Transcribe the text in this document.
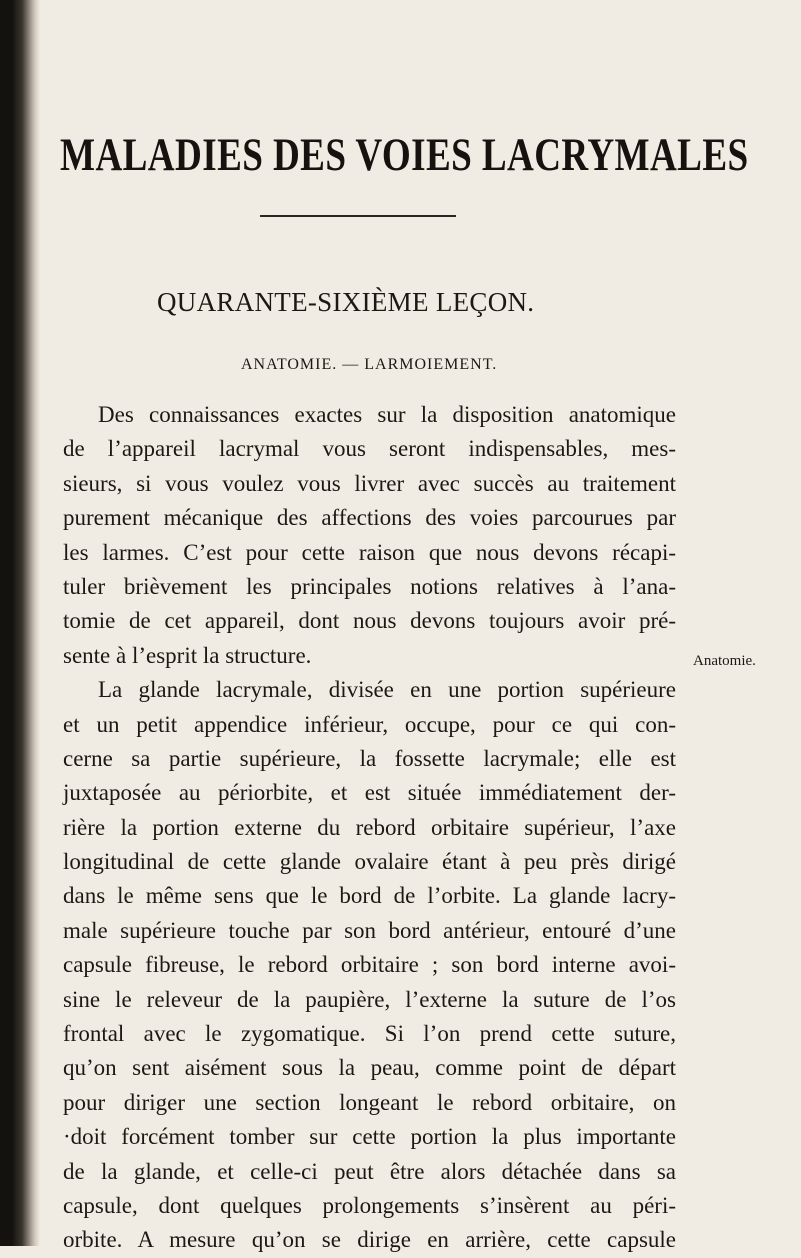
MALADIES DES VOIES LACRYMALES
QUARANTE-SIXIÈME LEÇON.
ANATOMIE. — LARMOIEMENT.
Anatomie.
Des connaissances exactes sur la disposition anatomique
de l’appareil lacrymal vous seront indispensables, mes-
sieurs, si vous voulez vous livrer avec succès au traitement
purement mécanique des affections des voies parcourues par
les larmes. C’est pour cette raison que nous devons récapi-
tuler brièvement les principales notions relatives à l’ana-
tomie de cet appareil, dont nous devons toujours avoir pré-
sente à l’esprit la structure.
La glande lacrymale, divisée en une portion supérieure
et un petit appendice inférieur, occupe, pour ce qui con-
cerne sa partie supérieure, la fossette lacrymale; elle est
juxtaposée au périorbite, et est située immédiatement der-
rière la portion externe du rebord orbitaire supérieur, l’axe
longitudinal de cette glande ovalaire étant à peu près dirigé
dans le même sens que le bord de l’orbite. La glande lacry-
male supérieure touche par son bord antérieur, entouré d’une
capsule fibreuse, le rebord orbitaire ; son bord interne avoi-
sine le releveur de la paupière, l’externe la suture de l’os
frontal avec le zygomatique. Si l’on prend cette suture,
qu’on sent aisément sous la peau, comme point de départ
pour diriger une section longeant le rebord orbitaire, on
·doit forcément tomber sur cette portion la plus importante
de la glande, et celle-ci peut être alors détachée dans sa
capsule, dont quelques prolongements s’insèrent au péri-
orbite. A mesure qu’on se dirige en arrière, cette capsule
